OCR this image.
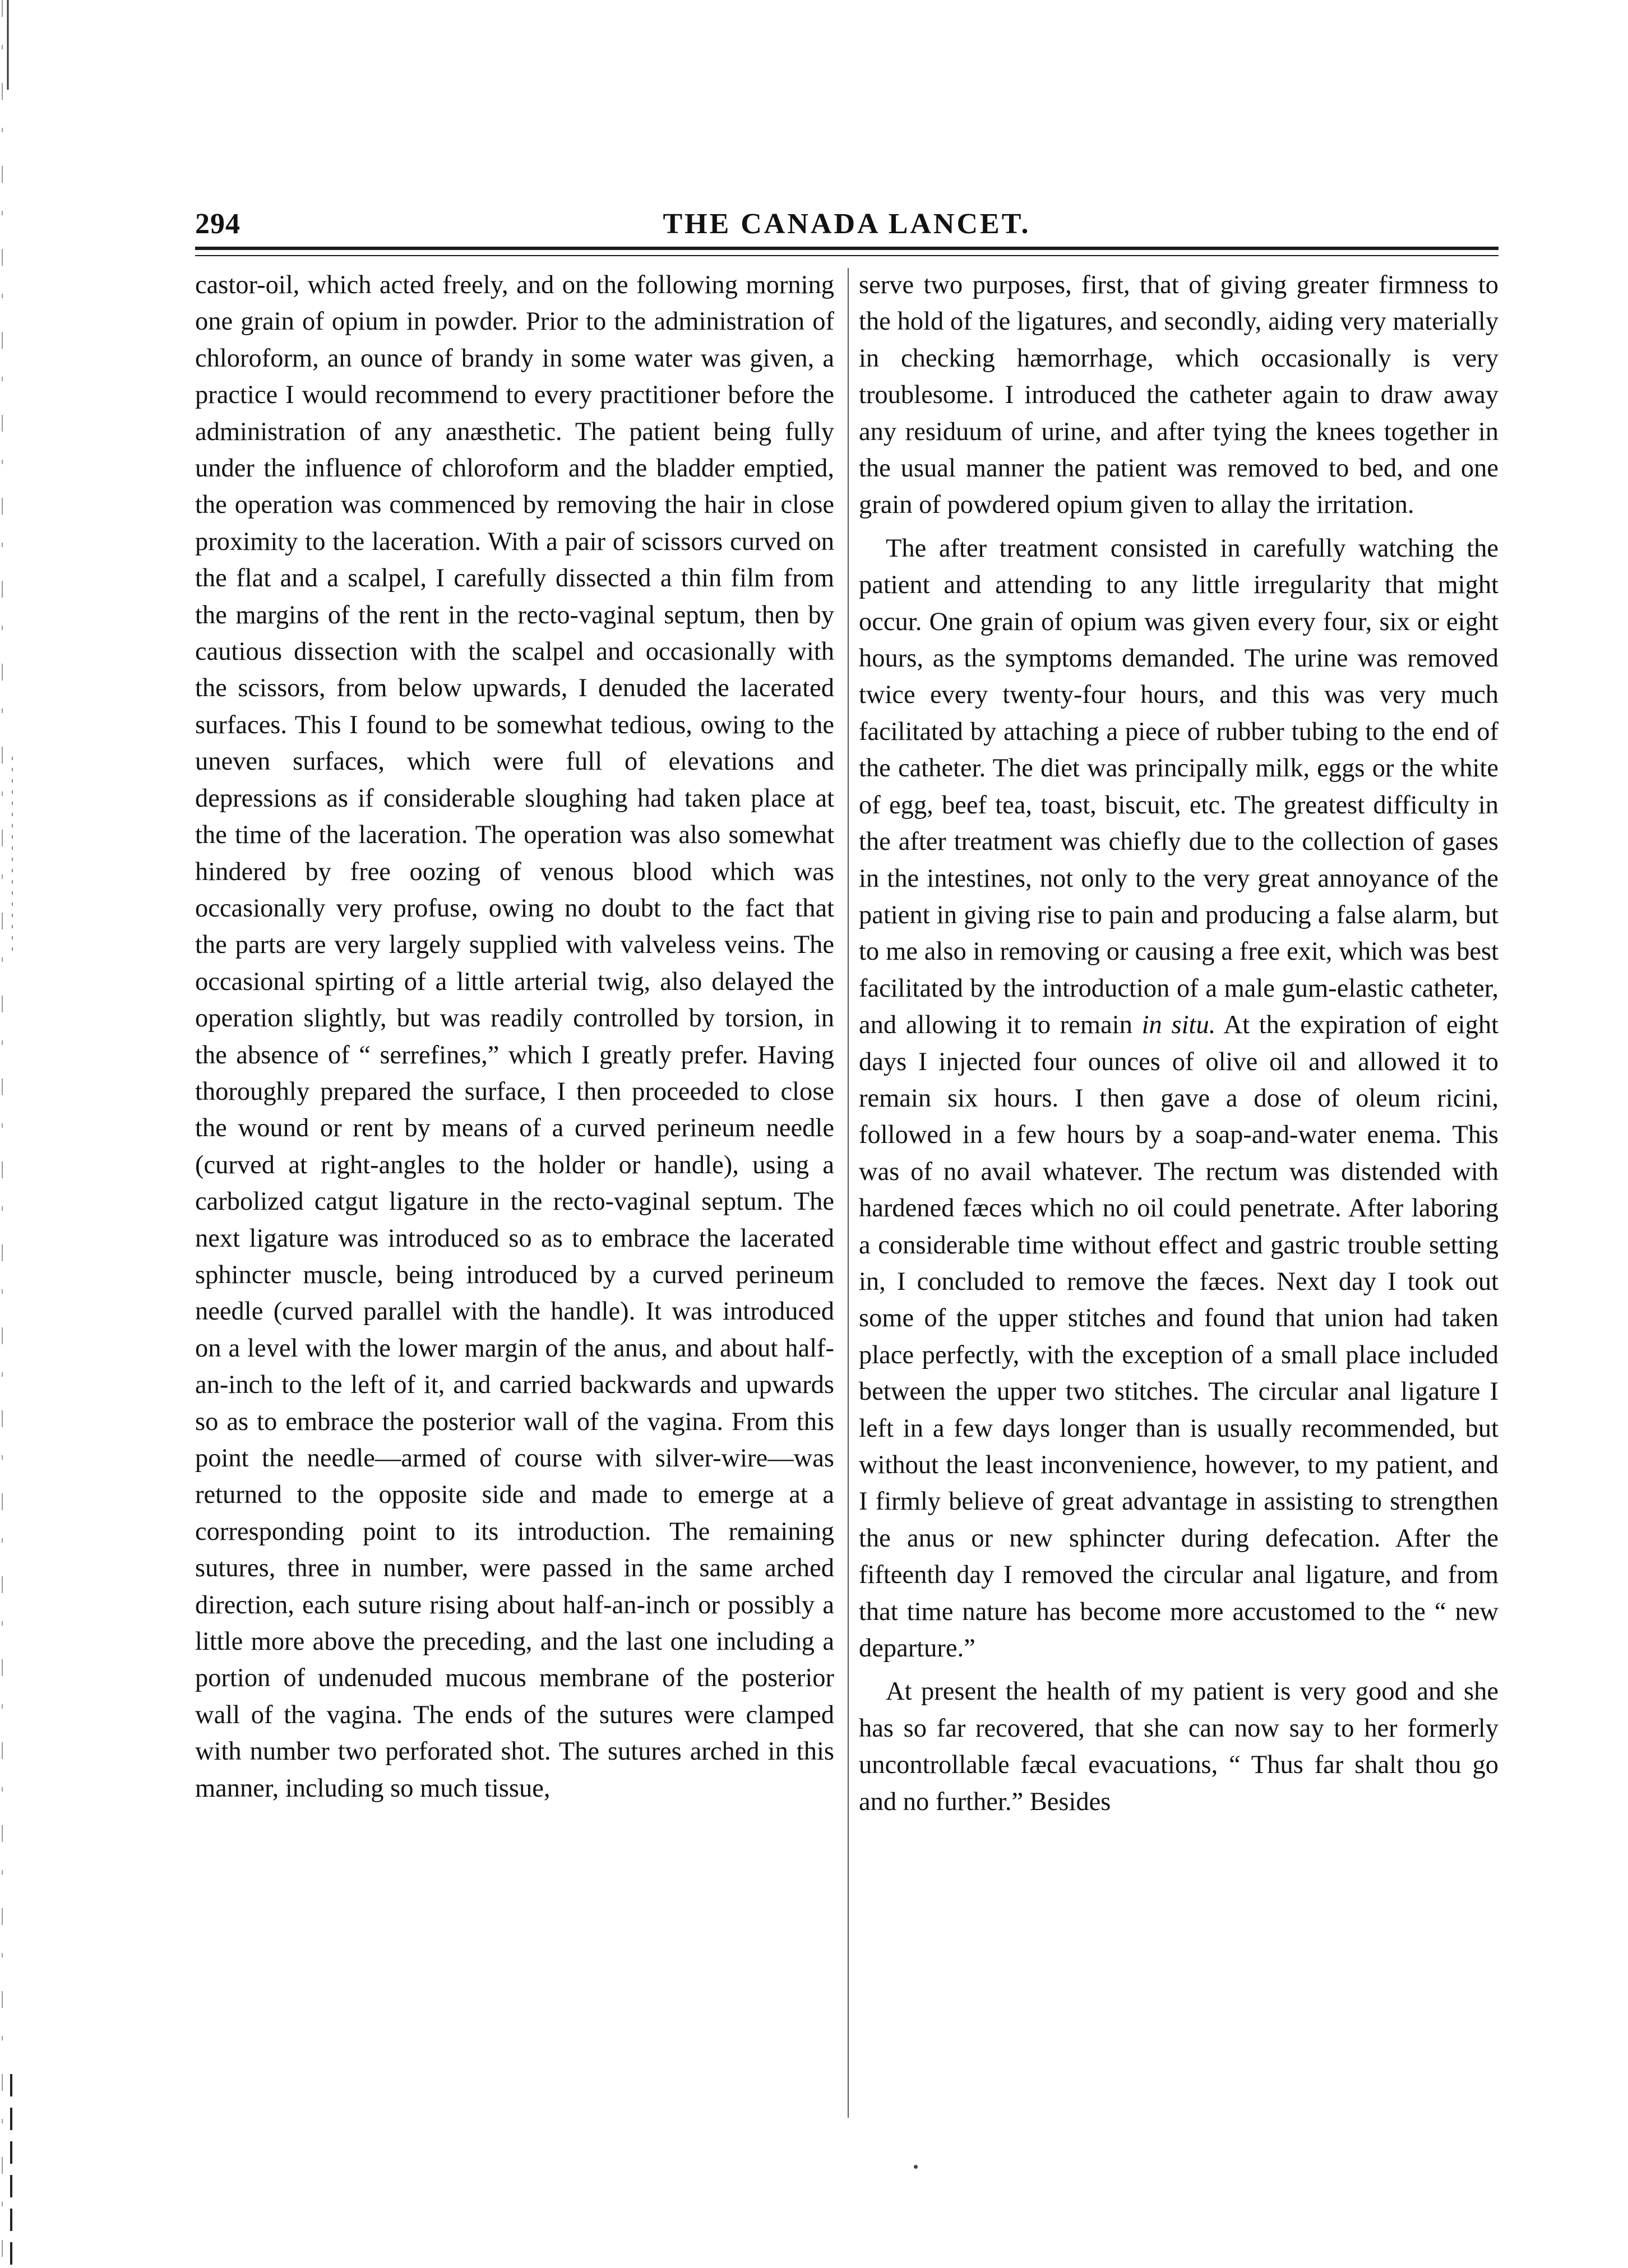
294	THE CANADA LANCET.

castor-oil, which acted freely, and on the following morning one grain of opium in powder. Prior to the administration of chloroform, an ounce of brandy in some water was given, a practice I would recommend to every practitioner before the administration of any anæsthetic. The patient being fully under the influence of chloroform and the bladder emptied, the operation was commenced by removing the hair in close proximity to the laceration. With a pair of scissors curved on the flat and a scalpel, I carefully dissected a thin film from the margins of the rent in the recto-vaginal septum, then by cautious dissection with the scalpel and occasionally with the scissors, from below upwards, I denuded the lacerated surfaces. This I found to be somewhat tedious, owing to the uneven surfaces, which were full of elevations and depressions as if considerable sloughing had taken place at the time of the laceration. The operation was also somewhat hindered by free oozing of venous blood which was occasionally very profuse, owing no doubt to the fact that the parts are very largely supplied with valveless veins. The occasional spirting of a little arterial twig, also delayed the operation slightly, but was readily controlled by torsion, in the absence of “ serrefines,” which I greatly prefer. Having thoroughly prepared the surface, I then proceeded to close the wound or rent by means of a curved perineum needle (curved at right-angles to the holder or handle), using a carbolized catgut ligature in the recto-vaginal septum. The next ligature was introduced so as to embrace the lacerated sphincter muscle, being introduced by a curved perineum needle (curved parallel with the handle). It was introduced on a level with the lower margin of the anus, and about half-an-inch to the left of it, and carried backwards and upwards so as to embrace the posterior wall of the vagina. From this point the needle—armed of course with silver-wire—was returned to the opposite side and made to emerge at a corresponding point to its introduction. The remaining sutures, three in number, were passed in the same arched direction, each suture rising about half-an-inch or possibly a little more above the preceding, and the last one including a portion of undenuded mucous membrane of the posterior wall of the vagina. The ends of the sutures were clamped with number two perforated shot. The sutures arched in this manner, including so much tissue,

serve two purposes, first, that of giving greater firmness to the hold of the ligatures, and secondly, aiding very materially in checking hæmorrhage, which occasionally is very troublesome. I introduced the catheter again to draw away any residuum of urine, and after tying the knees together in the usual manner the patient was removed to bed, and one grain of powdered opium given to allay the irritation.

The after treatment consisted in carefully watching the patient and attending to any little irregularity that might occur. One grain of opium was given every four, six or eight hours, as the symptoms demanded. The urine was removed twice every twenty-four hours, and this was very much facilitated by attaching a piece of rubber tubing to the end of the catheter. The diet was principally milk, eggs or the white of egg, beef tea, toast, biscuit, etc. The greatest difficulty in the after treatment was chiefly due to the collection of gases in the intestines, not only to the very great annoyance of the patient in giving rise to pain and producing a false alarm, but to me also in removing or causing a free exit, which was best facilitated by the introduction of a male gum-elastic catheter, and allowing it to remain in situ. At the expiration of eight days I injected four ounces of olive oil and allowed it to remain six hours. I then gave a dose of oleum ricini, followed in a few hours by a soap-and-water enema. This was of no avail whatever. The rectum was distended with hardened fæces which no oil could penetrate. After laboring a considerable time without effect and gastric trouble setting in, I concluded to remove the fæces. Next day I took out some of the upper stitches and found that union had taken place perfectly, with the exception of a small place included between the upper two stitches. The circular anal ligature I left in a few days longer than is usually recommended, but without the least inconvenience, however, to my patient, and I firmly believe of great advantage in assisting to strengthen the anus or new sphincter during defecation. After the fifteenth day I removed the circular anal ligature, and from that time nature has become more accustomed to the “ new departure.”

At present the health of my patient is very good and she has so far recovered, that she can now say to her formerly uncontrollable fæcal evacuations, “ Thus far shalt thou go and no further.” Besides
